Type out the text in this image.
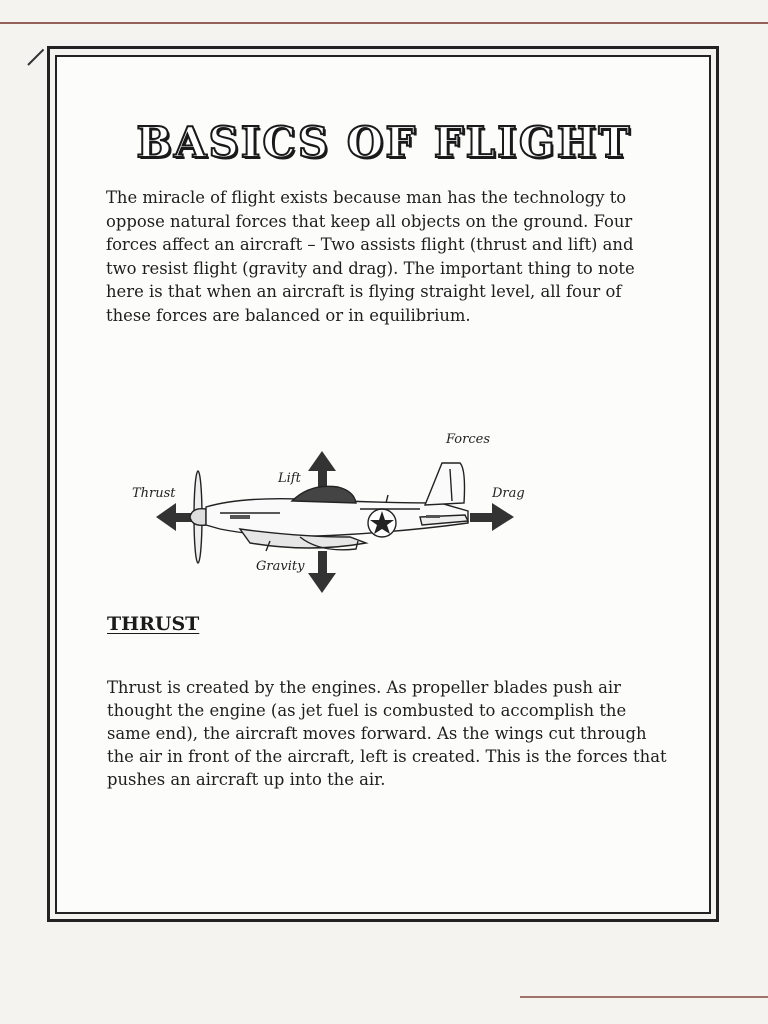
BASICS OF FLIGHT

The miracle of flight exists because man has the technology to oppose natural forces that keep all objects on the ground. Four forces affect an aircraft – Two assists flight (thrust and lift) and two resist flight (gravity and drag). The important thing to note here is that when an aircraft is flying straight level, all four of these forces are balanced or in equilibrium.

Forces
Lift
Gravity
Thrust	Drag
THRUST

Thrust is created by the engines. As propeller blades push air thought the engine (as jet fuel is combusted to accomplish the same end), the aircraft moves forward. As the wings cut through the air in front of the aircraft, left is created. This is the forces that pushes an aircraft up into the air.
